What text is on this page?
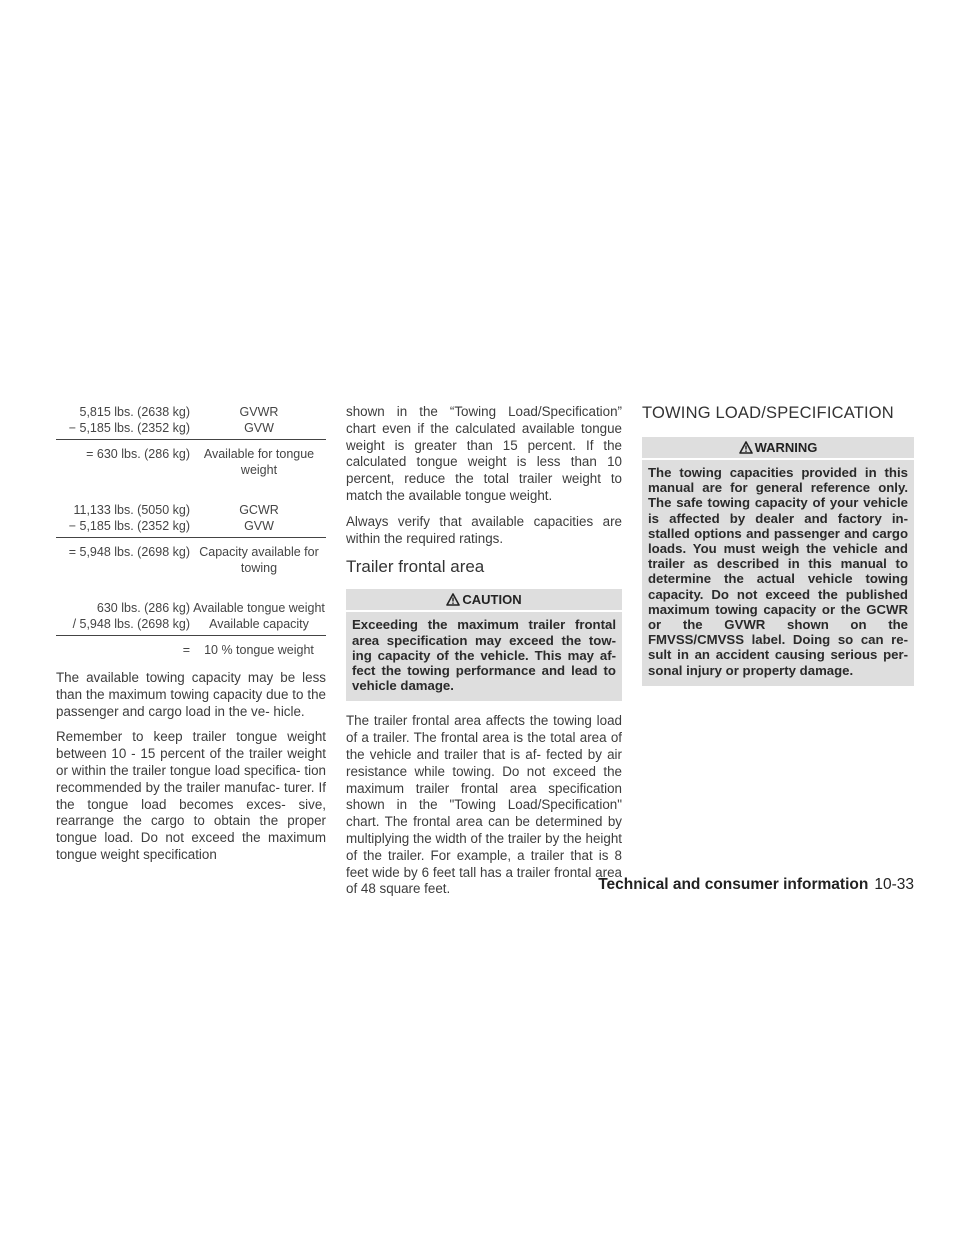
5,815 lbs. (2638 kg)	GVWR
− 5,185 lbs. (2352 kg)	GVW
= 630 lbs. (286 kg)	Available for tongue weight
11,133 lbs. (5050 kg)	GCWR
− 5,185 lbs. (2352 kg)	GVW
= 5,948 lbs. (2698 kg) Capacity available for towing
630 lbs. (286 kg) Available tongue weight
/ 5,948 lbs. (2698 kg)	Available capacity
=	10 % tongue weight

The available towing capacity may be less than the maximum towing capacity due to the passenger and cargo load in the ve- hicle.

Remember to keep trailer tongue weight between 10 - 15 percent of the trailer weight or within the trailer tongue load specifica- tion recommended by the trailer manufac- turer. If the tongue load becomes exces- sive, rearrange the cargo to obtain the proper tongue load. Do not exceed the maximum tongue weight specification

shown in the “Towing Load/Specification” chart even if the calculated available tongue weight is greater than 15 percent. If the calculated tongue weight is less than 10 percent, reduce the total trailer weight to match the available tongue weight.

Always verify that available capacities are within the required ratings.

Trailer frontal area
CAUTION
Exceeding the maximum trailer frontal area specification may exceed the tow- ing capacity of the vehicle. This may af- fect the towing performance and lead to vehicle damage.

The trailer frontal area affects the towing load of a trailer. The frontal area is the total area of the vehicle and trailer that is af- fected by air resistance while towing. Do not exceed the maximum trailer frontal area specification shown in the "Towing Load/Specification" chart. The frontal area can be determined by multiplying the width of the trailer by the height of the trailer. For example, a trailer that is 8 feet wide by 6 feet tall has a trailer frontal area of 48 square feet.

TOWING LOAD/SPECIFICATION
WARNING
The towing capacities provided in this manual are for general reference only. The safe towing capacity of your vehicle is affected by dealer and factory in- stalled options and passenger and cargo loads. You must weigh the vehicle and trailer as described in this manual to determine the actual vehicle towing capacity. Do not exceed the published maximum towing capacity or the GCWR or the GVWR shown on the FMVSS/CMVSS label. Doing so can re- sult in an accident causing serious per- sonal injury or property damage.
Technical and consumer information 10-33
